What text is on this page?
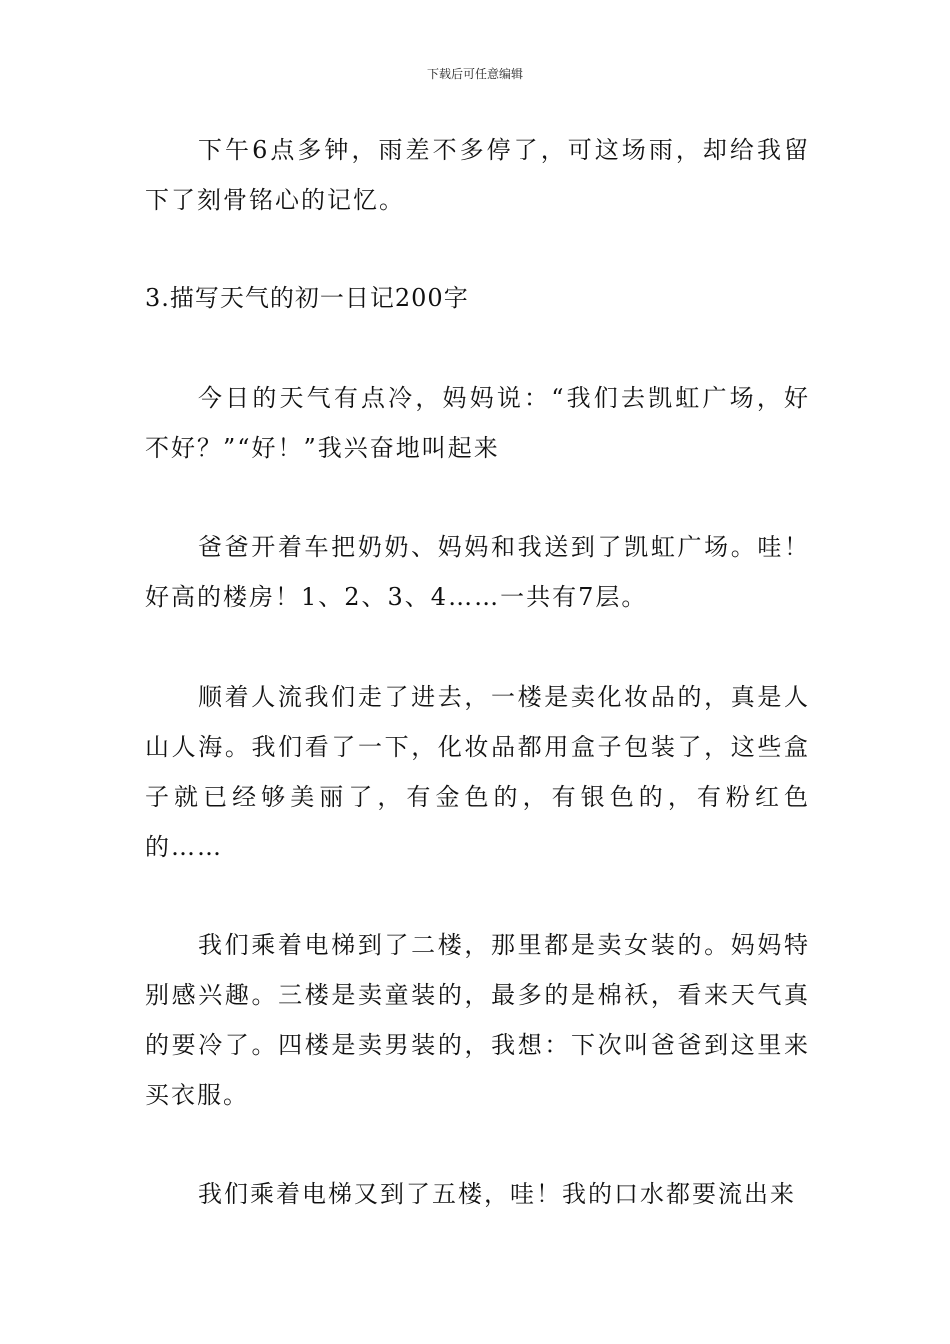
下载后可任意编辑

下午6点多钟，雨差不多停了，可这场雨，却给我留下了刻骨铭心的记忆。

3.描写天气的初一日记200字

今日的天气有点冷，妈妈说：“我们去凯虹广场，好不好？”“好！”我兴奋地叫起来

爸爸开着车把奶奶、妈妈和我送到了凯虹广场。哇！好高的楼房！1、2、3、4……一共有7层。

顺着人流我们走了进去，一楼是卖化妆品的，真是人山人海。我们看了一下，化妆品都用盒子包装了，这些盒子就已经够美丽了，有金色的，有银色的，有粉红色的……

我们乘着电梯到了二楼，那里都是卖女装的。妈妈特别感兴趣。三楼是卖童装的，最多的是棉袄，看来天气真的要冷了。四楼是卖男装的，我想：下次叫爸爸到这里来买衣服。

我们乘着电梯又到了五楼，哇！我的口水都要流出来
